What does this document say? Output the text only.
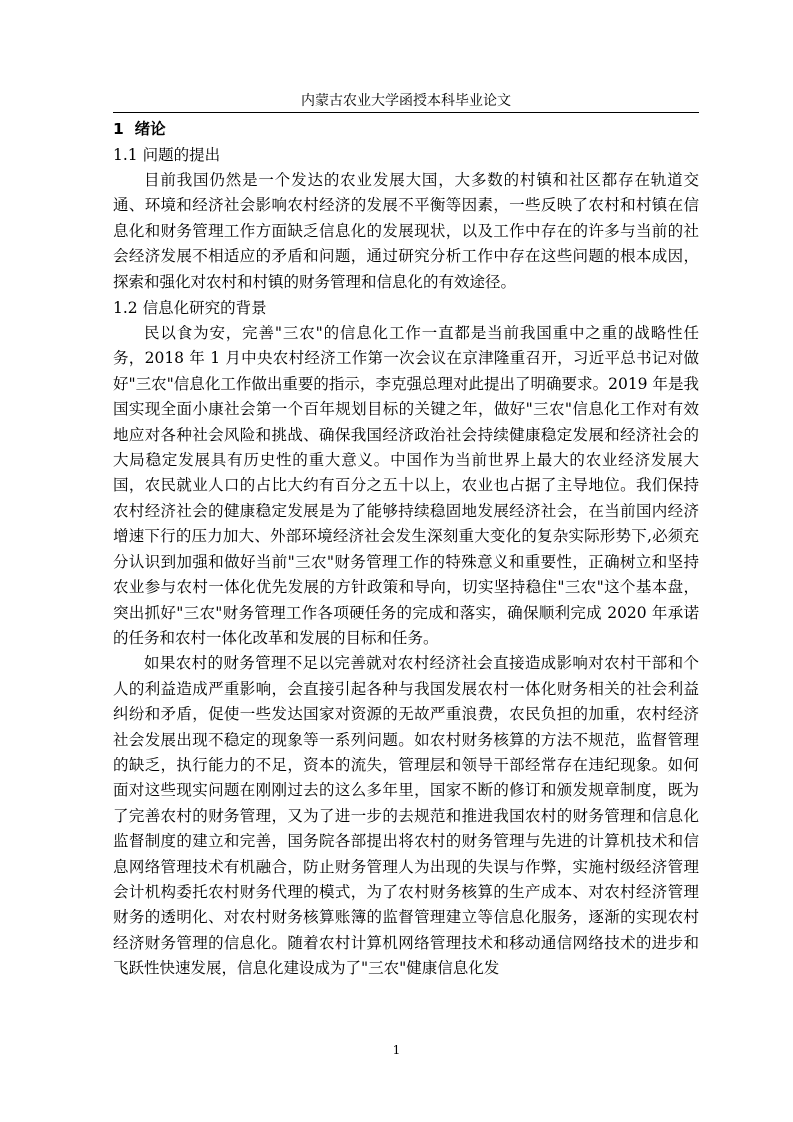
内蒙古农业大学函授本科毕业论文
1 绪论
1.1 问题的提出

目前我国仍然是一个发达的农业发展大国，大多数的村镇和社区都存在轨道交通、环境和经济社会影响农村经济的发展不平衡等因素，一些反映了农村和村镇在信息化和财务管理工作方面缺乏信息化的发展现状，以及工作中存在的许多与当前的社会经济发展不相适应的矛盾和问题，通过研究分析工作中存在这些问题的根本成因，探索和强化对农村和村镇的财务管理和信息化的有效途径。

1.2 信息化研究的背景

民以食为安，完善"三农"的信息化工作一直都是当前我国重中之重的战略性任务，2018 年 1 月中央农村经济工作第一次会议在京津隆重召开，习近平总书记对做好"三农"信息化工作做出重要的指示，李克强总理对此提出了明确要求。2019 年是我国实现全面小康社会第一个百年规划目标的关键之年，做好"三农"信息化工作对有效地应对各种社会风险和挑战、确保我国经济政治社会持续健康稳定发展和经济社会的大局稳定发展具有历史性的重大意义。中国作为当前世界上最大的农业经济发展大国，农民就业人口的占比大约有百分之五十以上，农业也占据了主导地位。我们保持农村经济社会的健康稳定发展是为了能够持续稳固地发展经济社会，在当前国内经济增速下行的压力加大、外部环境经济社会发生深刻重大变化的复杂实际形势下,必须充分认识到加强和做好当前"三农"财务管理工作的特殊意义和重要性，正确树立和坚持农业参与农村一体化优先发展的方针政策和导向，切实坚持稳住"三农"这个基本盘，突出抓好"三农"财务管理工作各项硬任务的完成和落实，确保顺利完成 2020 年承诺的任务和农村一体化改革和发展的目标和任务。

如果农村的财务管理不足以完善就对农村经济社会直接造成影响对农村干部和个人的利益造成严重影响，会直接引起各种与我国发展农村一体化财务相关的社会利益纠纷和矛盾，促使一些发达国家对资源的无故严重浪费，农民负担的加重，农村经济社会发展出现不稳定的现象等一系列问题。如农村财务核算的方法不规范，监督管理的缺乏，执行能力的不足，资本的流失，管理层和领导干部经常存在违纪现象。如何面对这些现实问题在刚刚过去的这么多年里，国家不断的修订和颁发规章制度，既为了完善农村的财务管理，又为了进一步的去规范和推进我国农村的财务管理和信息化监督制度的建立和完善，国务院各部提出将农村的财务管理与先进的计算机技术和信息网络管理技术有机融合，防止财务管理人为出现的失误与作弊，实施村级经济管理会计机构委托农村财务代理的模式，为了农村财务核算的生产成本、对农村经济管理财务的透明化、对农村财务核算账簿的监督管理建立等信息化服务，逐渐的实现农村经济财务管理的信息化。随着农村计算机网络管理技术和移动通信网络技术的进步和飞跃性快速发展，信息化建设成为了"三农"健康信息化发

1
